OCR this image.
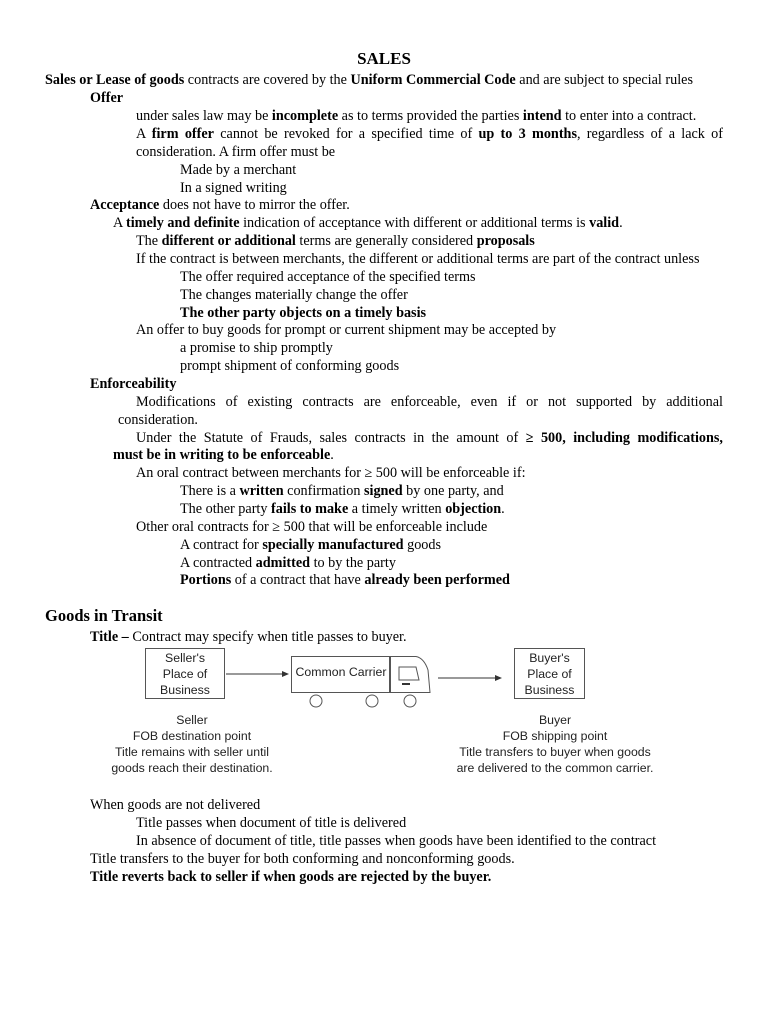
SALES
Sales or Lease of goods contracts are covered by the Uniform Commercial Code and are subject to special rules
Offer
under sales law may be incomplete as to terms provided the parties intend to enter into a contract.
A firm offer cannot be revoked for a specified time of up to 3 months, regardless of a lack of
consideration. A firm offer must be
Made by a merchant
In a signed writing
Acceptance does not have to mirror the offer.
A timely and definite indication of acceptance with different or additional terms is valid.
The different or additional terms are generally considered proposals
If the contract is between merchants, the different or additional terms are part of the contract unless
The offer required acceptance of the specified terms
The changes materially change the offer
The other party objects on a timely basis
An offer to buy goods for prompt or current shipment may be accepted by
a promise to ship promptly
prompt shipment of conforming goods
Enforceability
Modifications of existing contracts are enforceable, even if or not supported by additional
consideration.
Under the Statute of Frauds, sales contracts in the amount of ≥ 500, including modifications,
must be in writing to be enforceable.
An oral contract between merchants for ≥ 500 will be enforceable if:
There is a written confirmation signed by one party, and
The other party fails to make a timely written objection.
Other oral contracts for ≥ 500 that will be enforceable include
A contract for specially manufactured goods
A contracted admitted to by the party
Portions of a contract that have already been performed
Goods in Transit
Title – Contract may specify when title passes to buyer.
Seller's
Place of
Business
Common Carrier
Buyer's
Place of
Business
Seller
FOB destination point
Title remains with seller until
goods reach their destination.
Buyer
FOB shipping point
Title transfers to buyer when goods
are delivered to the common carrier.
When goods are not delivered
Title passes when document of title is delivered
In absence of document of title, title passes when goods have been identified to the contract
Title transfers to the buyer for both conforming and nonconforming goods.
Title reverts back to seller if when goods are rejected by the buyer.
